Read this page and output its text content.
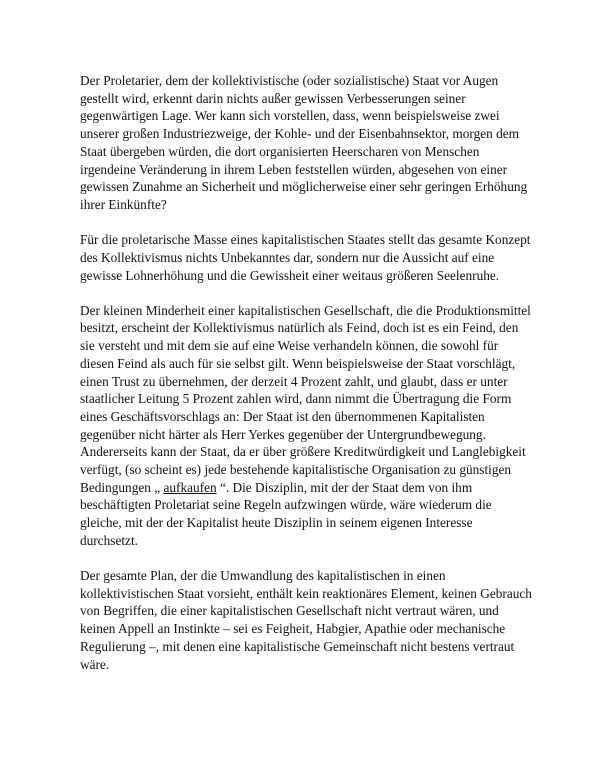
Der Proletarier, dem der kollektivistische (oder sozialistische) Staat vor Augen gestellt wird, erkennt darin nichts außer gewissen Verbesserungen seiner gegenwärtigen Lage. Wer kann sich vorstellen, dass, wenn beispielsweise zwei unserer großen Industriezweige, der Kohle- und der Eisenbahnsektor, morgen dem Staat übergeben würden, die dort organisierten Heerscharen von Menschen irgendeine Veränderung in ihrem Leben feststellen würden, abgesehen von einer gewissen Zunahme an Sicherheit und möglicherweise einer sehr geringen Erhöhung ihrer Einkünfte?

Für die proletarische Masse eines kapitalistischen Staates stellt das gesamte Konzept des Kollektivismus nichts Unbekanntes dar, sondern nur die Aussicht auf eine gewisse Lohnerhöhung und die Gewissheit einer weitaus größeren Seelenruhe.

Der kleinen Minderheit einer kapitalistischen Gesellschaft, die die Produktionsmittel besitzt, erscheint der Kollektivismus natürlich als Feind, doch ist es ein Feind, den sie versteht und mit dem sie auf eine Weise verhandeln können, die sowohl für diesen Feind als auch für sie selbst gilt. Wenn beispielsweise der Staat vorschlägt, einen Trust zu übernehmen, der derzeit 4 Prozent zahlt, und glaubt, dass er unter staatlicher Leitung 5 Prozent zahlen wird, dann nimmt die Übertragung die Form eines Geschäftsvorschlags an: Der Staat ist den übernommenen Kapitalisten gegenüber nicht härter als Herr Yerkes gegenüber der Untergrundbewegung. Andererseits kann der Staat, da er über größere Kreditwürdigkeit und Langlebigkeit verfügt, (so scheint es) jede bestehende kapitalistische Organisation zu günstigen Bedingungen „ aufkaufen “. Die Disziplin, mit der der Staat dem von ihm beschäftigten Proletariat seine Regeln aufzwingen würde, wäre wiederum die gleiche, mit der der Kapitalist heute Disziplin in seinem eigenen Interesse durchsetzt.

Der gesamte Plan, der die Umwandlung des kapitalistischen in einen kollektivistischen Staat vorsieht, enthält kein reaktionäres Element, keinen Gebrauch von Begriffen, die einer kapitalistischen Gesellschaft nicht vertraut wären, und keinen Appell an Instinkte – sei es Feigheit, Habgier, Apathie oder mechanische Regulierung –, mit denen eine kapitalistische Gemeinschaft nicht bestens vertraut wäre.
